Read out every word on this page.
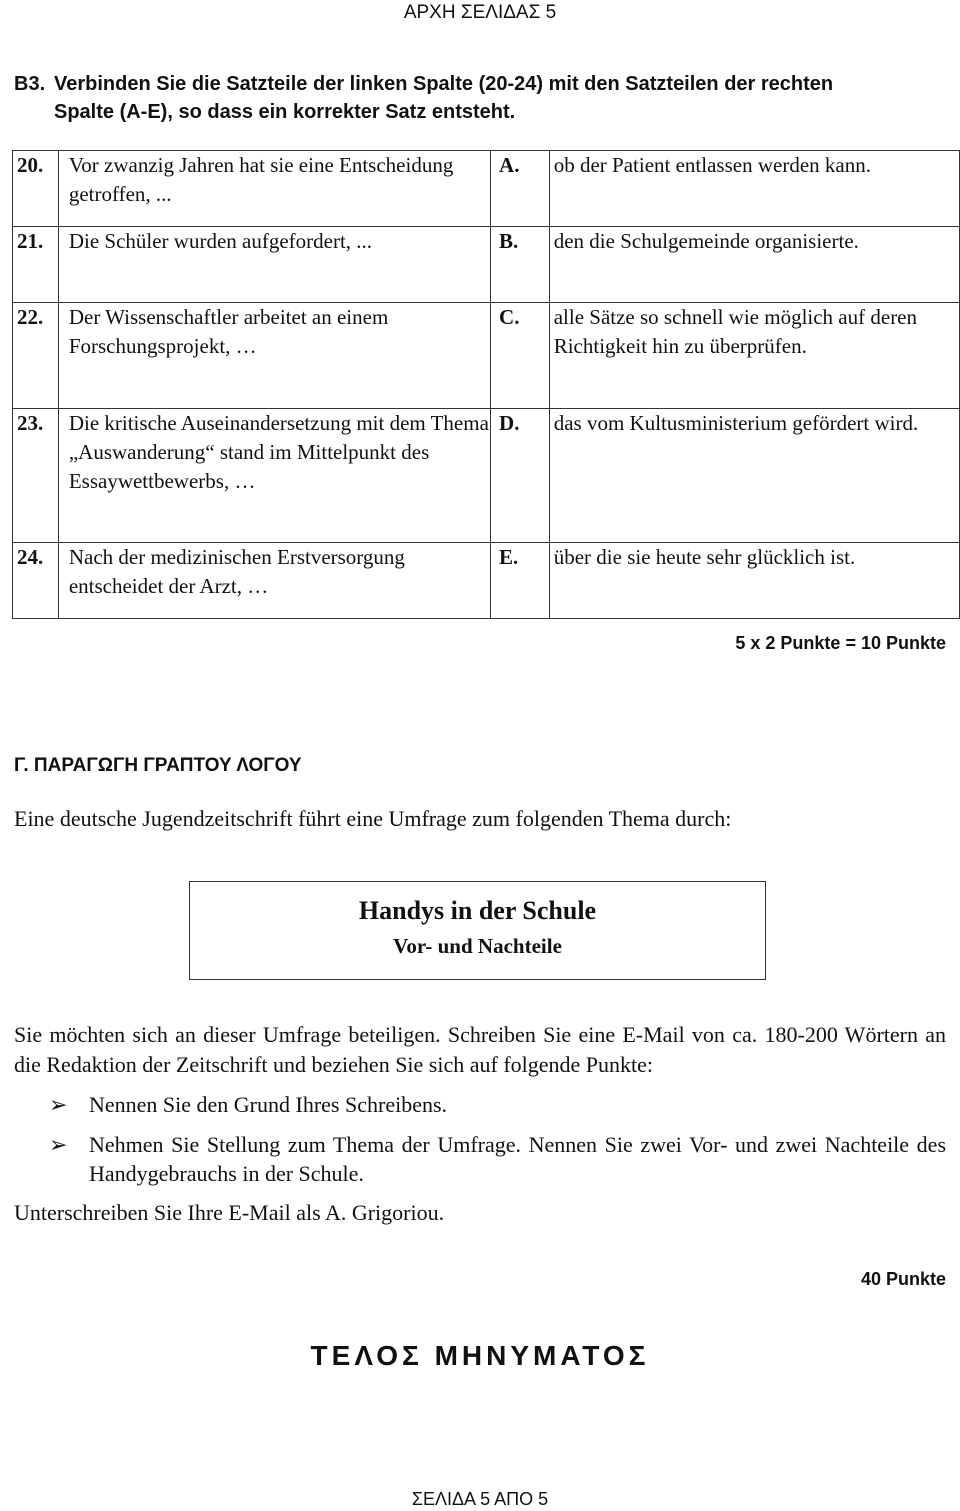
ΑΡΧΗ ΣΕΛΙΔΑΣ 5
B3. Verbinden Sie die Satzteile der linken Spalte (20-24) mit den Satzteilen der rechten
Spalte (A-E), so dass ein korrekter Satz entsteht.
20.	Vor zwanzig Jahren hat sie eine Entscheidung getroffen, ...	A.	ob der Patient entlassen werden kann.
21.	Die Schüler wurden aufgefordert, ...	B.	den die Schulgemeinde organisierte.
22.	Der Wissenschaftler arbeitet an einem Forschungsprojekt, …	C.	alle Sätze so schnell wie möglich auf deren Richtigkeit hin zu überprüfen.
23.	Die kritische Auseinandersetzung mit dem Thema „Auswanderung“ stand im Mittelpunkt des Essaywettbewerbs, …	D.	das vom Kultusministerium gefördert wird.
24.	Nach der medizinischen Erstversorgung entscheidet der Arzt, …	E.	über die sie heute sehr glücklich ist.
5 x 2 Punkte = 10 Punkte
Γ. ΠΑΡΑΓΩΓΗ ΓΡΑΠΤΟΥ ΛΟΓΟΥ
Eine deutsche Jugendzeitschrift führt eine Umfrage zum folgenden Thema durch:
Handys in der Schule
Vor- und Nachteile
Sie möchten sich an dieser Umfrage beteiligen. Schreiben Sie eine E-Mail von ca. 180-200 Wörtern an die Redaktion der Zeitschrift und beziehen Sie sich auf folgende Punkte:
➢ Nennen Sie den Grund Ihres Schreibens.
➢ Nehmen Sie Stellung zum Thema der Umfrage. Nennen Sie zwei Vor- und zwei Nachteile des Handygebrauchs in der Schule.
Unterschreiben Sie Ihre E-Mail als A. Grigoriou.
40 Punkte
ΤΕΛΟΣ ΜΗΝΥΜΑΤΟΣ
ΣΕΛΙΔΑ 5 ΑΠΟ 5
